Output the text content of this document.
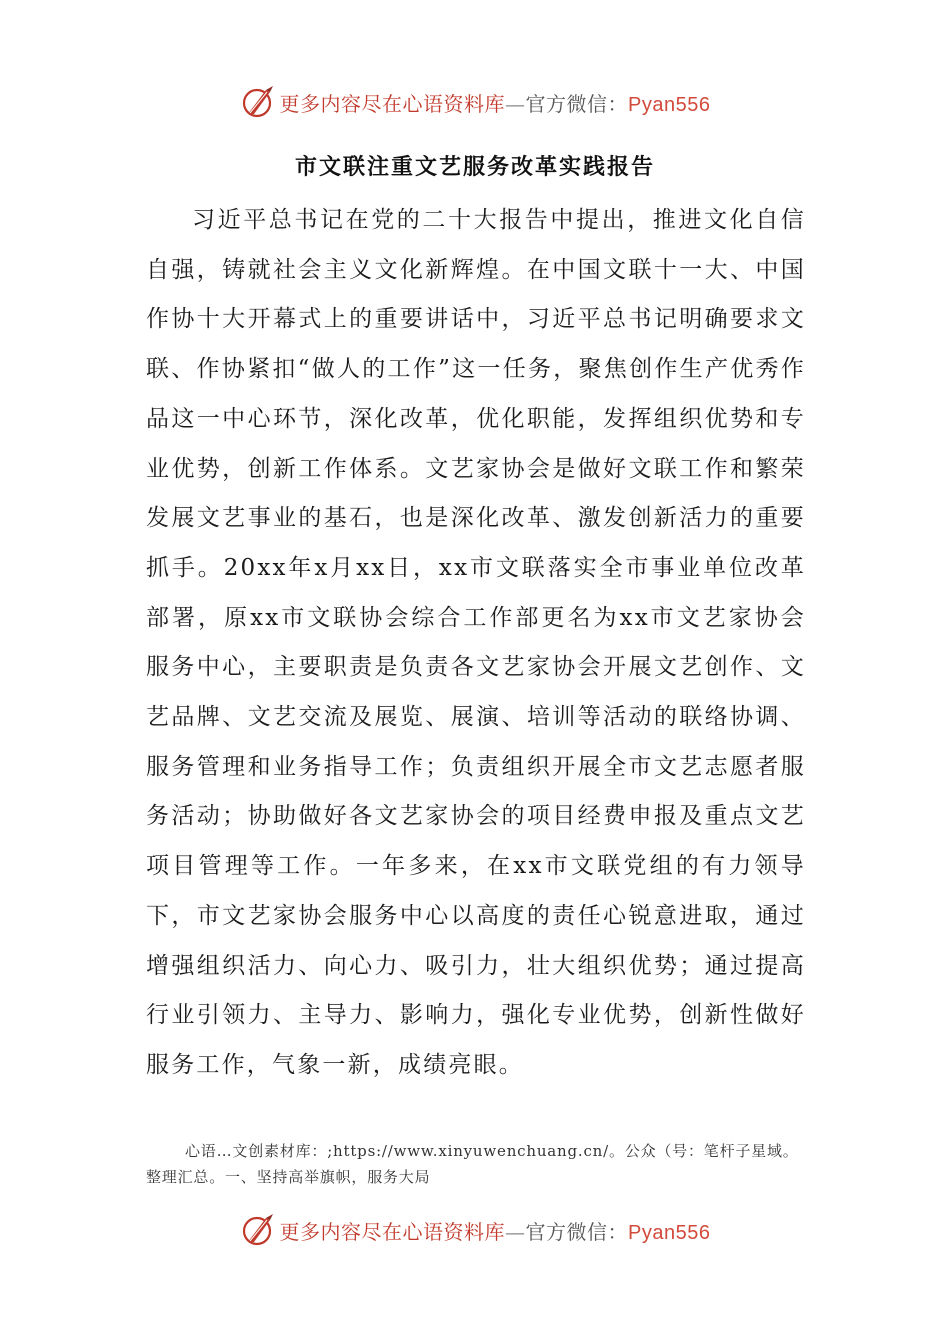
更多内容尽在心语资料库—官方微信：Pyan556
市文联注重文艺服务改革实践报告
习近平总书记在党的二十大报告中提出，推进文化自信自强，铸就社会主义文化新辉煌。在中国文联十一大、中国作协十大开幕式上的重要讲话中，习近平总书记明确要求文联、作协紧扣“做人的工作”这一任务，聚焦创作生产优秀作品这一中心环节，深化改革，优化职能，发挥组织优势和专业优势，创新工作体系。文艺家协会是做好文联工作和繁荣发展文艺事业的基石，也是深化改革、激发创新活力的重要抓手。20xx年x月xx日，xx市文联落实全市事业单位改革部署，原xx市文联协会综合工作部更名为xx市文艺家协会服务中心，主要职责是负责各文艺家协会开展文艺创作、文艺品牌、文艺交流及展览、展演、培训等活动的联络协调、服务管理和业务指导工作；负责组织开展全市文艺志愿者服务活动；协助做好各文艺家协会的项目经费申报及重点文艺项目管理等工作。一年多来，在xx市文联党组的有力领导下，市文艺家协会服务中心以高度的责任心锐意进取，通过增强组织活力、向心力、吸引力，壮大组织优势；通过提高行业引领力、主导力、影响力，强化专业优势，创新性做好服务工作，气象一新，成绩亮眼。
心语…文创素材库：;https://www.xinyuwenchuang.cn/。公众（号：笔杆子星域。整理汇总。一、坚持高举旗帜，服务大局
更多内容尽在心语资料库—官方微信：Pyan556
